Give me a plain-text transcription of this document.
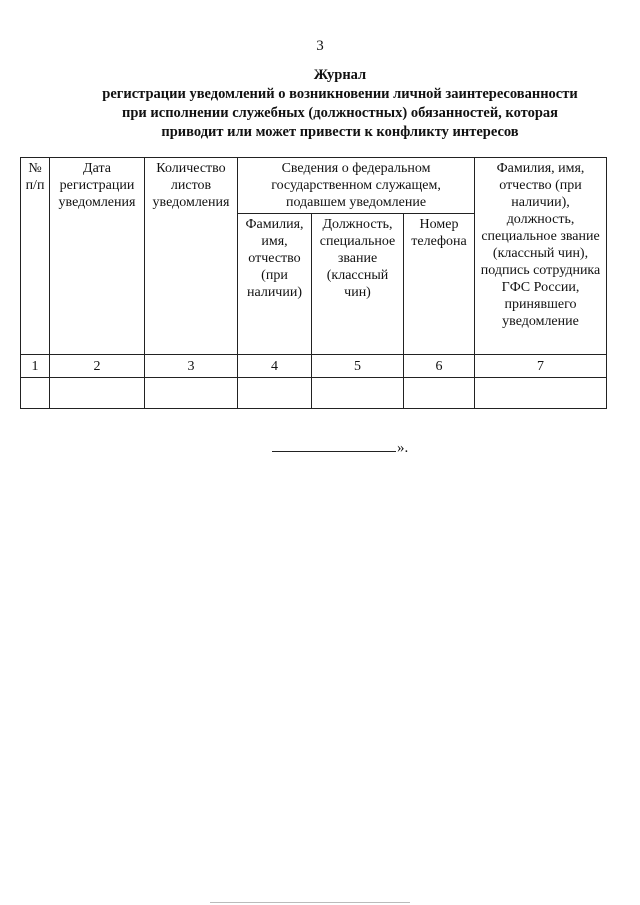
3
Журнал
регистрации уведомлений о возникновении личной заинтересованности
при исполнении служебных (должностных) обязанностей, которая
приводит или может привести к конфликту интересов
№ п/п	Дата регистрации уведомления	Количество листов уведомления	Сведения о федеральном государственном служащем, подавшем уведомление			Фамилия, имя, отчество (при наличии), должность, специальное звание (классный чин), подпись сотрудника ГФС России, принявшего уведомление
			Фамилия, имя, отчество (при наличии)	Должность, специальное звание (классный чин)	Номер телефона	
1	2	3	4	5	6	7

».
